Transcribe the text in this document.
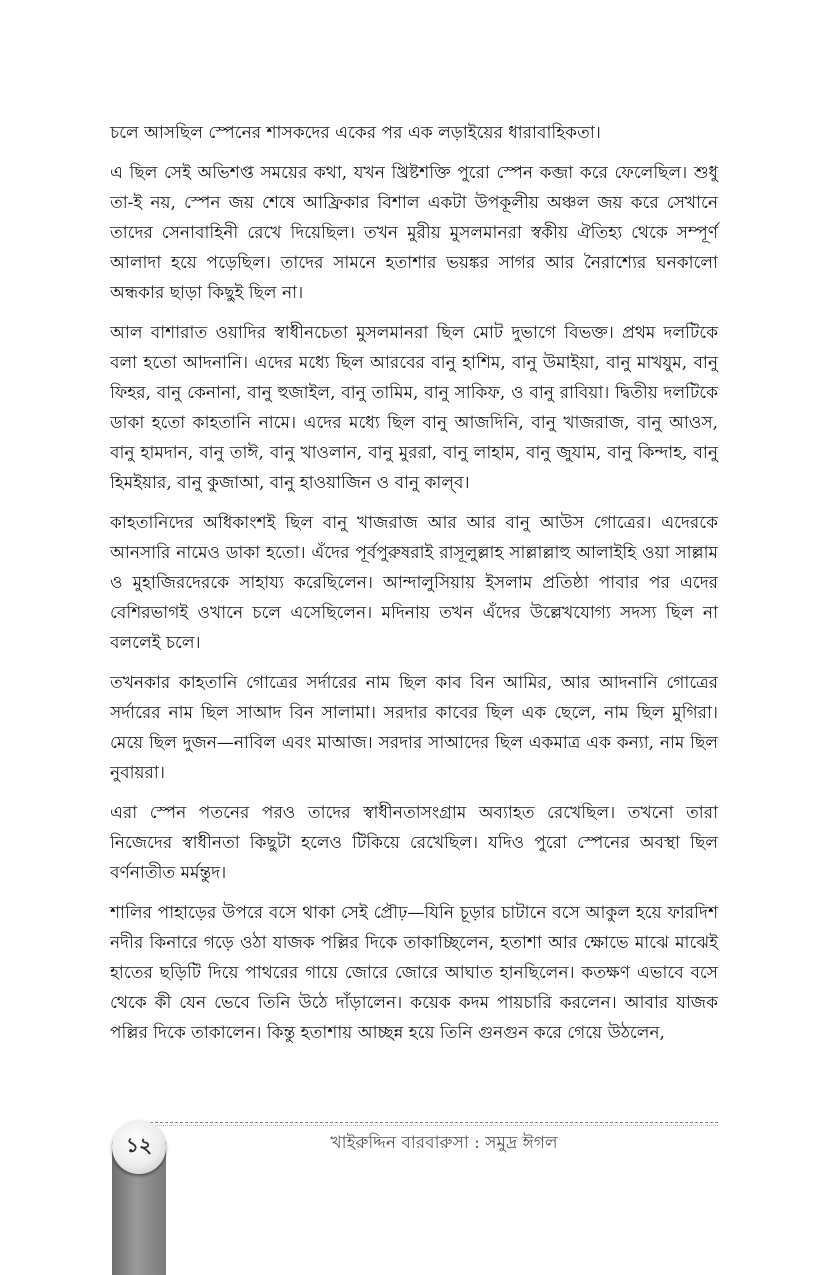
চলে আসছিল স্পেনের শাসকদের একের পর এক লড়াইয়ের ধারাবাহিকতা।

এ ছিল সেই অভিশপ্ত সময়ের কথা, যখন খ্রিষ্টশক্তি পুরো স্পেন কব্জা করে ফেলেছিল। শুধু তা-ই নয়, স্পেন জয় শেষে আফ্রিকার বিশাল একটা উপকূলীয় অঞ্চল জয় করে সেখানে তাদের সেনাবাহিনী রেখে দিয়েছিল। তখন মুরীয় মুসলমানরা স্বকীয় ঐতিহ্য থেকে সম্পূর্ণ আলাদা হয়ে পড়েছিল। তাদের সামনে হতাশার ভয়ঙ্কর সাগর আর নৈরাশ্যের ঘনকালো অন্ধকার ছাড়া কিছুই ছিল না।

আল বাশারাত ওয়াদির স্বাধীনচেতা মুসলমানরা ছিল মোট দুভাগে বিভক্ত। প্রথম দলটিকে বলা হতো আদনানি। এদের মধ্যে ছিল আরবের বানু হাশিম, বানু উমাইয়া, বানু মাখযুম, বানু ফিহর, বানু কেনানা, বানু হুজাইল, বানু তামিম, বানু সাকিফ, ও বানু রাবিয়া। দ্বিতীয় দলটিকে ডাকা হতো কাহতানি নামে। এদের মধ্যে ছিল বানু আজদিনি, বানু খাজরাজ, বানু আওস, বানু হামদান, বানু তাঈ, বানু খাওলান, বানু মুররা, বানু লাহাম, বানু জুযাম, বানু কিন্দাহ, বানু হিমইয়ার, বানু কুজাআ, বানু হাওয়াজিন ও বানু কাল্‌ব।

কাহতানিদের অধিকাংশই ছিল বানু খাজরাজ আর আর বানু আউস গোত্রের। এদেরকে আনসারি নামেও ডাকা হতো। এঁদের পূর্বপুরুষরাই রাসূলুল্লাহ সাল্লাল্লাহু আলাইহি ওয়া সাল্লাম ও মুহাজিরদেরকে সাহায্য করেছিলেন। আন্দালুসিয়ায় ইসলাম প্রতিষ্ঠা পাবার পর এদের বেশিরভাগই ওখানে চলে এসেছিলেন। মদিনায় তখন এঁদের উল্লেখযোগ্য সদস্য ছিল না বললেই চলে।

তখনকার কাহতানি গোত্রের সর্দারের নাম ছিল কাব বিন আমির, আর আদনানি গোত্রের সর্দারের নাম ছিল সাআদ বিন সালামা। সরদার কাবের ছিল এক ছেলে, নাম ছিল মুগিরা। মেয়ে ছিল দুজন—নাবিল এবং মাআজ। সরদার সাআদের ছিল একমাত্র এক কন্যা, নাম ছিল নুবায়রা।

এরা স্পেন পতনের পরও তাদের স্বাধীনতাসংগ্রাম অব্যাহত রেখেছিল। তখনো তারা নিজেদের স্বাধীনতা কিছুটা হলেও টিকিয়ে রেখেছিল। যদিও পুরো স্পেনের অবস্থা ছিল বর্ণনাতীত মর্মন্তুদ।

শালির পাহাড়ের উপরে বসে থাকা সেই প্রৌঢ়—যিনি চূড়ার চাটানে বসে আকুল হয়ে ফারদিশ নদীর কিনারে গড়ে ওঠা যাজক পল্লির দিকে তাকাচ্ছিলেন, হতাশা আর ক্ষোভে মাঝে মাঝেই হাতের ছড়িটি দিয়ে পাথরের গায়ে জোরে জোরে আঘাত হানছিলেন। কতক্ষণ এভাবে বসে থেকে কী যেন ভেবে তিনি উঠে দাঁড়ালেন। কয়েক কদম পায়চারি করলেন। আবার যাজক পল্লির দিকে তাকালেন। কিন্তু হতাশায় আচ্ছন্ন হয়ে তিনি গুনগুন করে গেয়ে উঠলেন,

১২	খাইরুদ্দিন বারবারুসা : সমুদ্র ঈগল
